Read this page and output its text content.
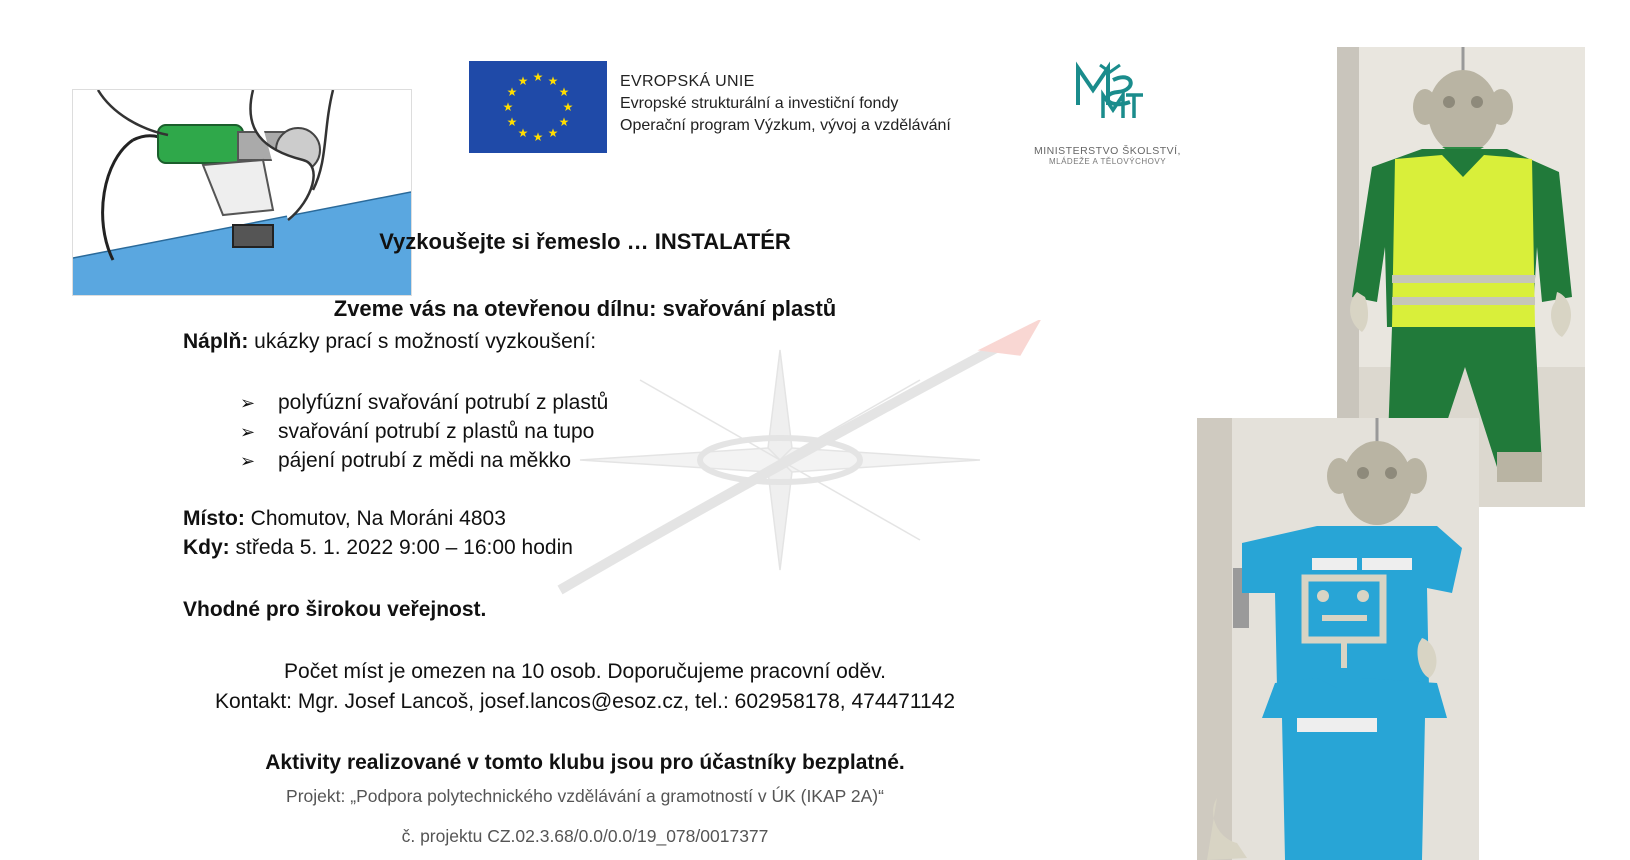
★ ★
★
★
★
★
★
★
★
★
★
★	EVROPSKÁ UNIE
Evropské strukturální a investiční fondy
Operační program Výzkum, vývoj a vzdělávání
MINISTERSTVO ŠKOLSTVÍ,
MLÁDEŽE A TĚLOVÝCHOVY
Vyzkoušejte si řemeslo … INSTALATÉR
Zveme vás na otevřenou dílnu: svařování plastů
Náplň: ukázky prací s možností vyzkoušení:
➢ polyfúzní svařování potrubí z plastů
➢ svařování potrubí z plastů na tupo
➢ pájení potrubí z mědi na měkko
Místo: Chomutov, Na Moráni 4803
Kdy: středa 5. 1. 2022 9:00 – 16:00 hodin
Vhodné pro širokou veřejnost.
Počet míst je omezen na 10 osob. Doporučujeme pracovní oděv.
Kontakt: Mgr. Josef Lancoš, josef.lancos@esoz.cz, tel.: 602958178, 474471142
Aktivity realizované v tomto klubu jsou pro účastníky bezplatné.
Projekt: „Podpora polytechnického vzdělávání a gramotností v ÚK (IKAP 2A)“
č. projektu CZ.02.3.68/0.0/0.0/19_078/0017377
